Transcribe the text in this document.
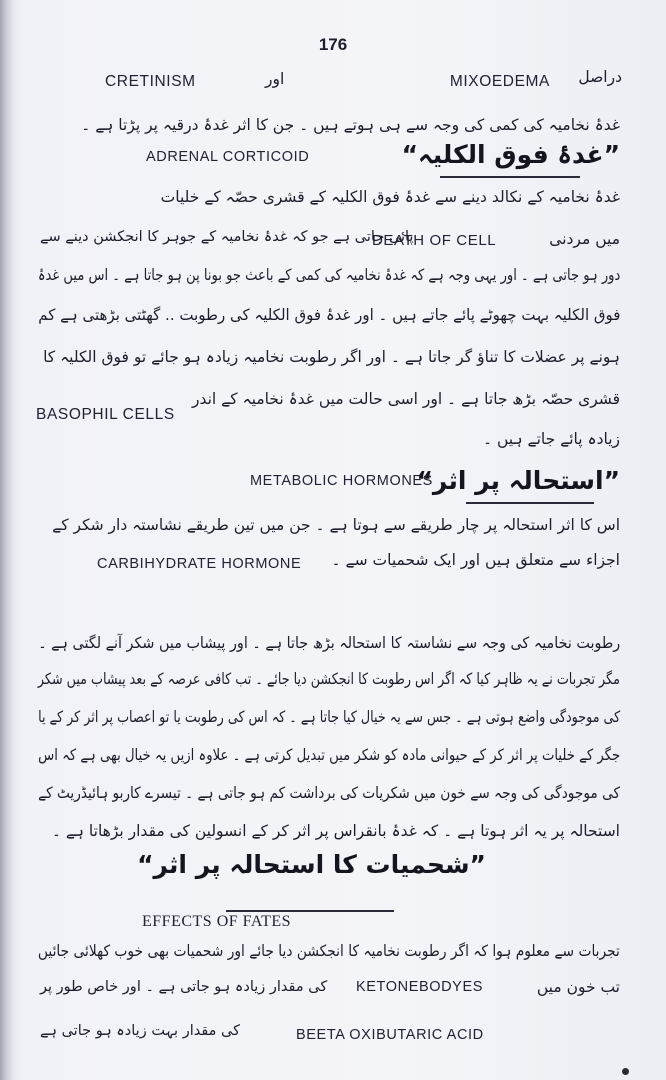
176
دراصل
MIXOEDEMA
اور
CRETINISM
غدۂ نخامیہ کی کمی کی وجہ سے ہی ہوتے ہیں ۔ جن کا اثر غدۂ درقیہ پر پڑتا ہے ۔
ADRENAL CORTICOID	”غدۂ فوق الکلیہ“
غدۂ نخامیہ کے نکالد دینے سے غدۂ فوق الکلیہ کے قشری حصّہ کے خلیات
میں مردنی
DEATH OF CELL
پائی جاتی ہے جو کہ غدۂ نخامیہ کے جوہر کا انجکشن دینے سے
دور ہو جاتی ہے ۔ اور یہی وجہ ہے کہ غدۂ نخامیہ کی کمی کے باعث جو بونا پن ہو جاتا ہے ۔ اس میں غدۂ
فوق الکلیہ بہت چھوٹے پائے جاتے ہیں ۔ اور غدۂ فوق الکلیہ کی رطوبت .. گھٹتی بڑھتی ہے کم
ہونے پر عضلات کا تناؤ گر جاتا ہے ۔ اور اگر رطوبت نخامیہ زیادہ ہو جائے تو فوق الکلیہ کا
قشری حصّہ بڑھ جاتا ہے ۔ اور اسی حالت میں غدۂ نخامیہ کے اندر
BASOPHIL CELLS
زیادہ پائے جاتے ہیں ۔
”استحالہ پر اثر“
METABOLIC HORMONES
اس کا اثر استحالہ پر چار طریقے سے ہوتا ہے ۔ جن میں تین طریقے نشاستہ دار شکر کے
اجزاء سے متعلق ہیں اور ایک شحمیات سے ۔
CARBIHYDRATE HORMONE
رطوبت نخامیہ کی وجہ سے نشاستہ کا استحالہ بڑھ جاتا ہے ۔ اور پیشاب میں شکر آنے لگتی ہے ۔
مگر تجربات نے یہ ظاہر کیا کہ اگر اس رطوبت کا انجکشن دیا جائے ۔ تب کافی عرصہ کے بعد پیشاب میں شکر
کی موجودگی واضع ہوتی ہے ۔ جس سے یہ خیال کیا جاتا ہے ۔ کہ اس کی رطوبت یا تو اعصاب پر اثر کر کے یا
جگر کے خلیات پر اثر کر کے حیوانی مادہ کو شکر میں تبدیل کرتی ہے ۔ علاوہ ازیں یہ خیال بھی ہے کہ اس
کی موجودگی کی وجہ سے خون میں شکریات کی برداشت کم ہو جاتی ہے ۔ تیسرے کاربو ہائیڈریٹ کے
استحالہ پر یہ اثر ہوتا ہے ۔ کہ غدۂ بانقراس پر اثر کر کے انسولین کی مقدار بڑھاتا ہے ۔
”شحمیات کا استحالہ پر اثر“
EFFECTS OF FATES
تجربات سے معلوم ہوا کہ اگر رطوبت نخامیہ کا انجکشن دیا جائے اور شحمیات بھی خوب کھلائی جائیں
تب خون میں
KETONEBODYES
کی مقدار زیادہ ہو جاتی ہے ۔ اور خاص طور پر
BEETA OXIBUTARIC ACID
کی مقدار بہت زیادہ ہو جاتی ہے
